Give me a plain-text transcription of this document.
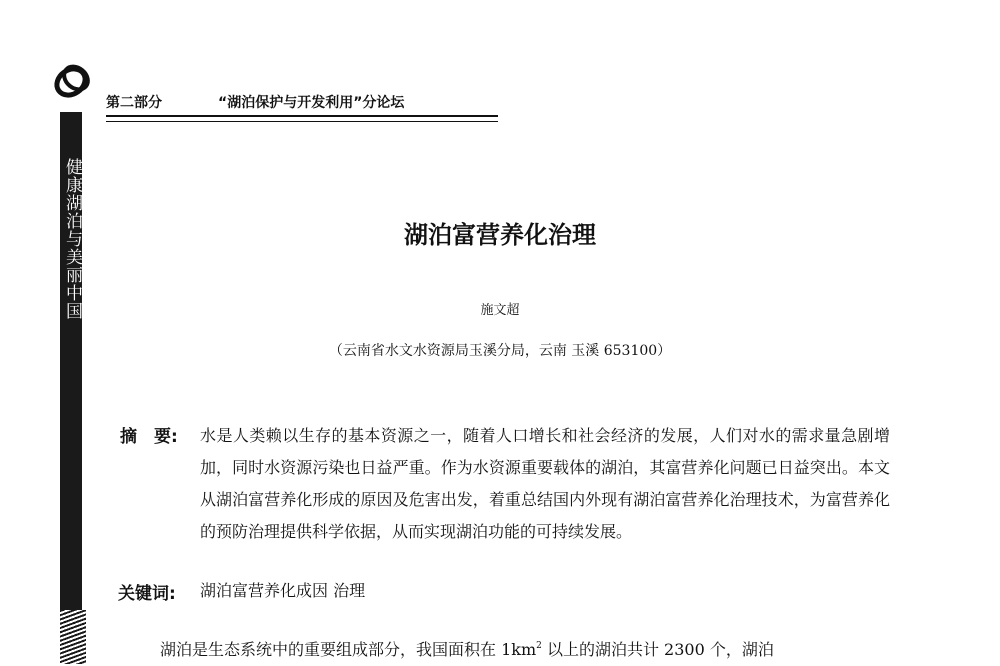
健康湖泊与美丽中国
第二部分	“湖泊保护与开发利用”分论坛
湖泊富营养化治理
施文超
（云南省水文水资源局玉溪分局，云南 玉溪 653100）
摘　要: 水是人类赖以生存的基本资源之一，随着人口增长和社会经济的发展，人们对水的需求量急剧增加，同时水资源污染也日益严重。作为水资源重要载体的湖泊，其富营养化问题已日益突出。本文从湖泊富营养化形成的原因及危害出发，着重总结国内外现有湖泊富营养化治理技术，为富营养化的预防治理提供科学依据，从而实现湖泊功能的可持续发展。
关键词: 湖泊富营养化成因 治理
湖泊是生态系统中的重要组成部分，我国面积在 $1km^2$ 以上的湖泊共计 2300 个，湖泊
